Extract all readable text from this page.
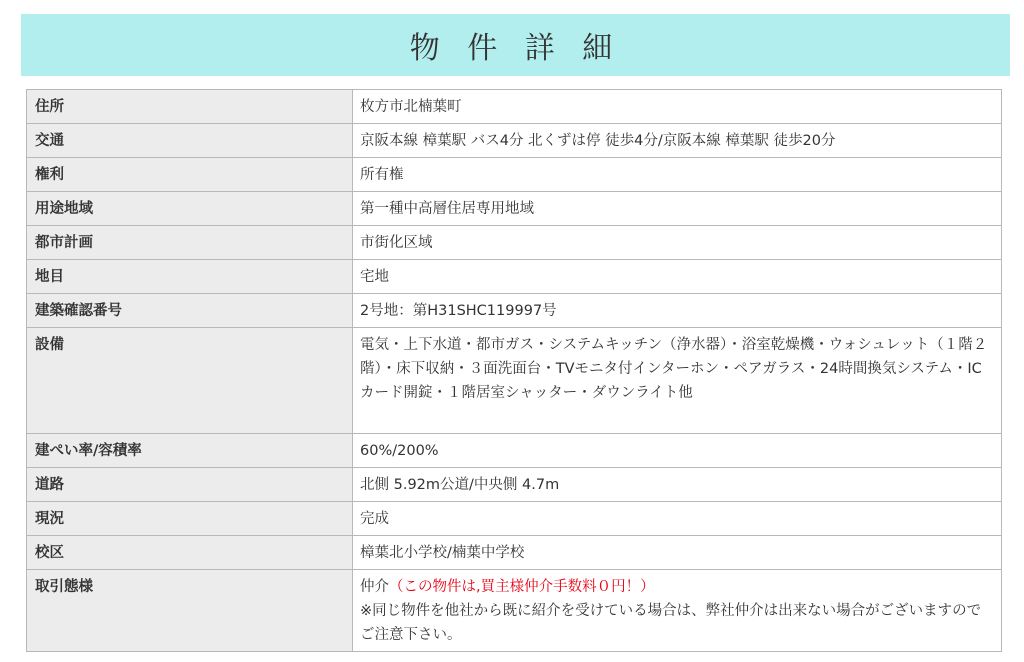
物 件 詳 細
住所	枚方市北楠葉町
交通	京阪本線 樟葉駅 バス4分 北くずは停 徒歩4分/京阪本線 樟葉駅 徒歩20分
権利	所有権
用途地域	第一種中高層住居専用地域
都市計画	市街化区域
地目	宅地
建築確認番号	2号地：第H31SHC119997号
設備	電気・上下水道・都市ガス・システムキッチン（浄水器）・浴室乾燥機・ウォシュレット（１階２階）・床下収納・３面洗面台・TVモニタ付インターホン・ペアガラス・24時間換気システム・ICカード開錠・１階居室シャッター・ダウンライト他
建ぺい率/容積率	60%/200%
道路	北側 5.92m公道/中央側 4.7m
現況	完成
校区	樟葉北小学校/楠葉中学校
取引態様	仲介（この物件は,買主様仲介手数料０円！）
※同じ物件を他社から既に紹介を受けている場合は、弊社仲介は出来ない場合がございますのでご注意下さい。
